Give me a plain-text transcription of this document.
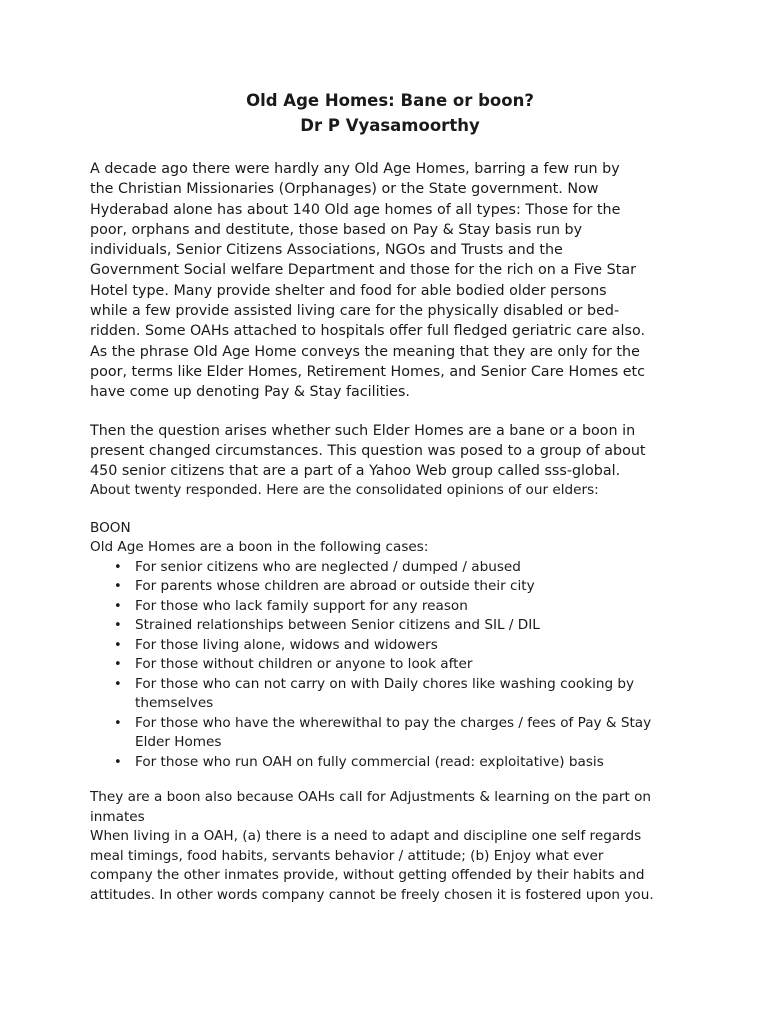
Old Age Homes: Bane or boon?

Dr P Vyasamoorthy

A decade ago there were hardly any Old Age Homes, barring a few run by
the Christian Missionaries (Orphanages) or the State government. Now
Hyderabad alone has about 140 Old age homes of all types: Those for the
poor, orphans and destitute, those based on Pay & Stay basis run by
individuals, Senior Citizens Associations, NGOs and Trusts and the
Government Social welfare Department and those for the rich on a Five Star
Hotel type. Many provide shelter and food for able bodied older persons
while a few provide assisted living care for the physically disabled or bed-
ridden. Some OAHs attached to hospitals offer full fledged geriatric care also.
As the phrase Old Age Home conveys the meaning that they are only for the
poor, terms like Elder Homes, Retirement Homes, and Senior Care Homes etc
have come up denoting Pay & Stay facilities.

Then the question arises whether such Elder Homes are a bane or a boon in
present changed circumstances. This question was posed to a group of about
450 senior citizens that are a part of a Yahoo Web group called sss-global.

About twenty responded. Here are the consolidated opinions of our elders:

BOON

Old Age Homes are a boon in the following cases:

• For senior citizens who are neglected / dumped / abused
• For parents whose children are abroad or outside their city
• For those who lack family support for any reason
• Strained relationships between Senior citizens and SIL / DIL
• For those living alone, widows and widowers
• For those without children or anyone to look after
• For those who can not carry on with Daily chores like washing cooking by
themselves
• For those who have the wherewithal to pay the charges / fees of Pay & Stay
Elder Homes
• For those who run OAH on fully commercial (read: exploitative) basis

They are a boon also because OAHs call for Adjustments & learning on the part on
inmates
When living in a OAH, (a) there is a need to adapt and discipline one self regards
meal timings, food habits, servants behavior / attitude; (b) Enjoy what ever
company the other inmates provide, without getting offended by their habits and
attitudes. In other words company cannot be freely chosen it is fostered upon you.
